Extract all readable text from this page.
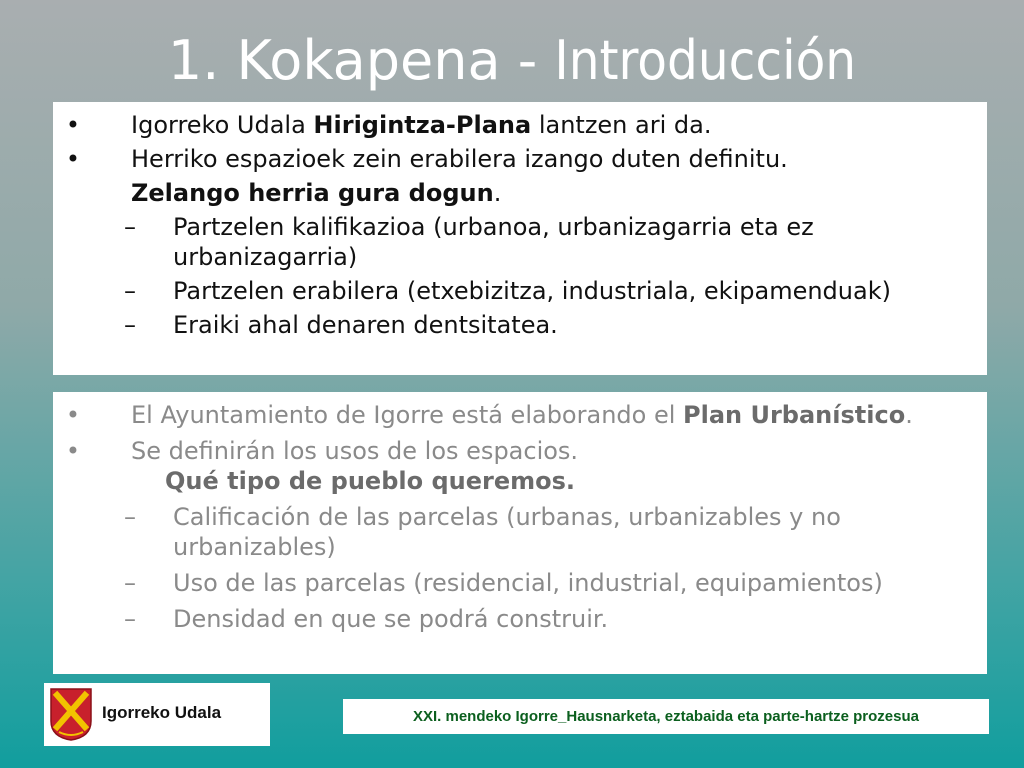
1. Kokapena - Introducción
• Igorreko Udala Hirigintza-Plana lantzen ari da.
• Herriko espazioek zein erabilera izango duten definitu.
Zelango herria gura dogun.
–	Partzelen kalifikazioa (urbanoa, urbanizagarria eta ez
urbanizagarria)
–	Partzelen erabilera (etxebizitza, industriala, ekipamenduak)
–	Eraiki ahal denaren dentsitatea.
• El Ayuntamiento de Igorre está elaborando el Plan Urbanístico.
• Se definirán los usos de los espacios.
Qué tipo de pueblo queremos.
–	Calificación de las parcelas (urbanas, urbanizables y no
urbanizables)
–	Uso de las parcelas (residencial, industrial, equipamientos)
–	Densidad en que se podrá construir.
Igorreko Udala	XXI. mendeko Igorre_Hausnarketa, eztabaida eta parte-hartze prozesua
